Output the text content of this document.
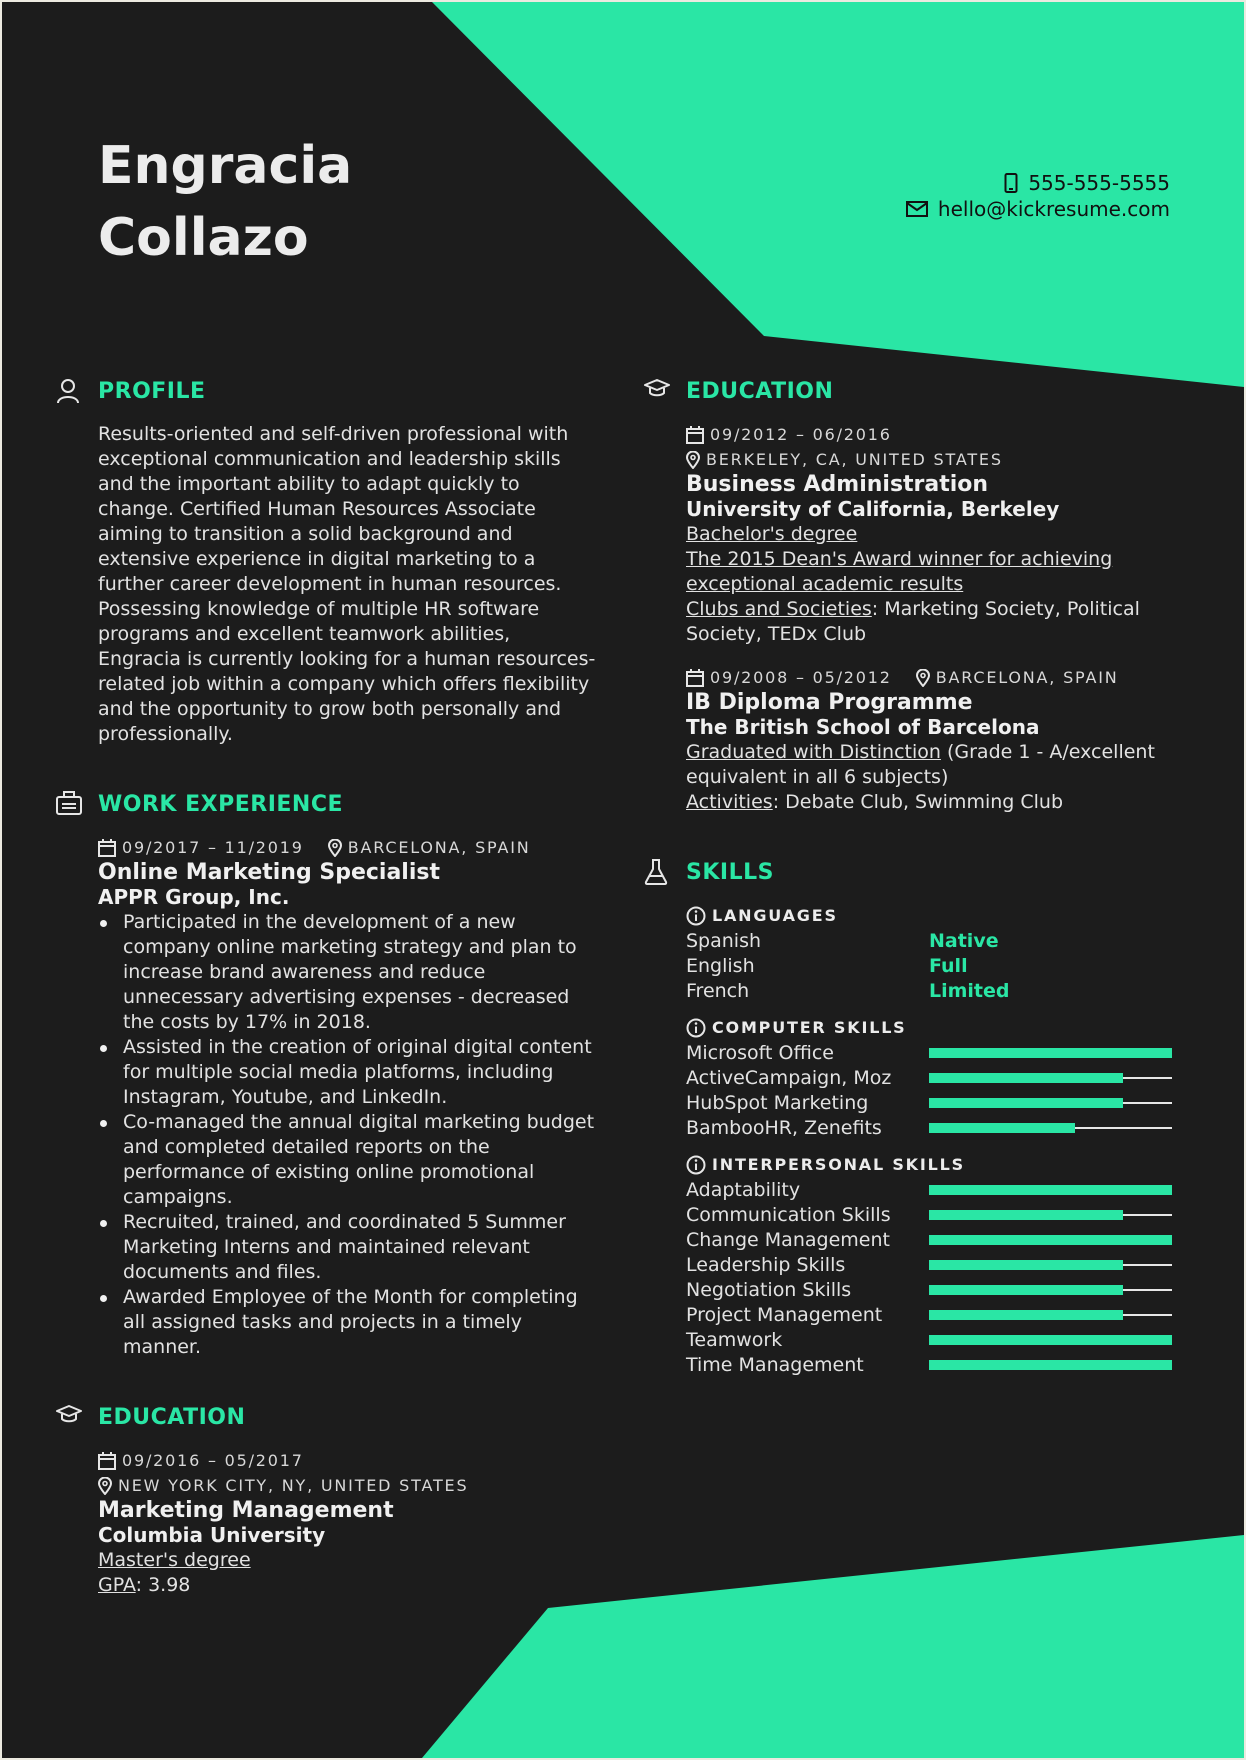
Engracia
Collazo
555-555-5555
hello@kickresume.com
PROFILE
Results-oriented and self-driven professional with exceptional communication and leadership skills and the important ability to adapt quickly to change. Certified Human Resources Associate aiming to transition a solid background and extensive experience in digital marketing to a further career development in human resources. Possessing knowledge of multiple HR software programs and excellent teamwork abilities, Engracia is currently looking for a human resources-related job within a company which offers flexibility and the opportunity to grow both personally and professionally.
WORK EXPERIENCE
09/2017 – 11/2019	BARCELONA, SPAIN
Online Marketing Specialist
APPR Group, Inc.
Participated in the development of a new company online marketing strategy and plan to increase brand awareness and reduce unnecessary advertising expenses - decreased the costs by 17% in 2018.
Assisted in the creation of original digital content for multiple social media platforms, including Instagram, Youtube, and LinkedIn.
Co-managed the annual digital marketing budget and completed detailed reports on the performance of existing online promotional campaigns.
Recruited, trained, and coordinated 5 Summer Marketing Interns and maintained relevant documents and files.
Awarded Employee of the Month for completing all assigned tasks and projects in a timely manner.
EDUCATION
09/2016 – 05/2017
NEW YORK CITY, NY, UNITED STATES
Marketing Management
Columbia University
Master's degree
GPA: 3.98
EDUCATION
09/2012 – 06/2016
BERKELEY, CA, UNITED STATES
Business Administration
University of California, Berkeley
Bachelor's degree
The 2015 Dean's Award winner for achieving exceptional academic results
Clubs and Societies: Marketing Society, Political Society, TEDx Club
09/2008 – 05/2012	BARCELONA, SPAIN
IB Diploma Programme
The British School of Barcelona
Graduated with Distinction (Grade 1 - A/excellent equivalent in all 6 subjects)
Activities: Debate Club, Swimming Club
SKILLS
LANGUAGES
Spanish	Native
English	Full
French	Limited
COMPUTER SKILLS
Microsoft Office
ActiveCampaign, Moz
HubSpot Marketing
BambooHR, Zenefits
INTERPERSONAL SKILLS
Adaptability
Communication Skills
Change Management
Leadership Skills
Negotiation Skills
Project Management
Teamwork
Time Management
